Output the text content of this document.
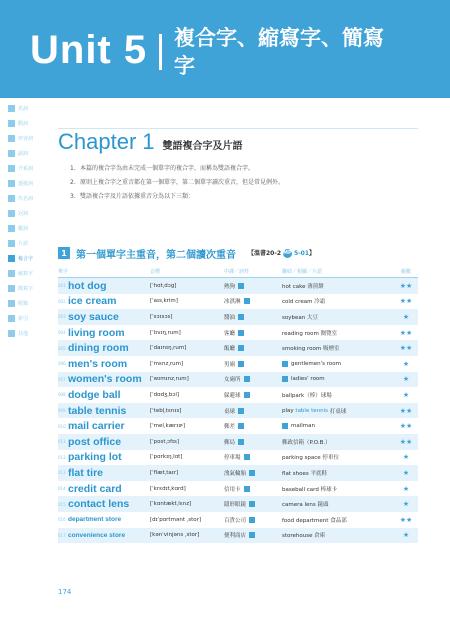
Unit 5 複合字、縮寫字、簡寫字
名詞
動詞
形容詞
副詞
介系詞
連接詞
代名詞
冠詞
數詞
片語
複合字
縮寫字
簡寫字
附錄
索引
其他
Chapter 1 雙語複合字及片語
1. 本篇的複合字為由未完成一個單字的複合字，而稱為雙語複合字。
2. 原則上複合字之重音都在第一個單字，第二個單字讀次重音，但是常見例外。
3. 雙語複合字及片語依據重音分為以下三類：
1 第一個單字主重音，第二個讀次重音 【溫書20-2 MP35-01】
單字	音標	中譯／詞性	聯結／相關／片語	級數
001 hot dog	[ˈhɑtˌdɔg]	熱狗	hot cake 薄煎餅	★★
002 ice cream	[ˈaɪsˌkrim]	冰淇淋	cold cream 冷霜	★★
003 soy sauce	[ˈsɔɪsɔs]	醬油	soybean 大豆	★
004 living room	[ˈlɪvɪŋˌrum]	客廳	reading room 閱覽室	★★
005 dining room	[ˈdaɪnɪŋˌrum]	飯廳	smoking room 吸煙室	★★
006 men's room	[ˈmɛnzˌrum]	男廁	gentlemen's room	★
007 women's room [ˈwɪmɪnzˌrum]	女廁所	ladies' room	★
008 dodge ball	[ˈdɑdʒˌbɔl]	躲避球	ballpark（棒）球場	★
009 table tennis	[ˈtebḷˌtɛnɪs]	桌球	play table tennis 打桌球	★★
010 mail carrier	[ˈmelˌkærɪɚ]	郵差	mailman	★★
011 post office	[ˈpostˌɔfɪs]	郵局	郵政信箱（P.O.B.）	★★
012 parking lot	[ˈpɑrkɪŋˌlɑt]	停車場	parking space 停車位	★
013 flat tire	[ˈflætˌtaɪr]	洩氣輪胎	flat shoes 平底鞋	★
014 credit card	[ˈkrɛdɪtˌkɑrd]	信用卡	baseball card 棒球卡	★
015 contact lens	[ˈkɑntæktˌlɛnz]	隱形眼鏡	camera lens 鏡頭	★
016 department store	[dɪˈpɑrtmənt ˌstor]	百貨公司	food department 食品部	★★
017 convenience store	[kənˈvinjəns ˌstor]	便利商店	storehouse 倉庫	★
174
